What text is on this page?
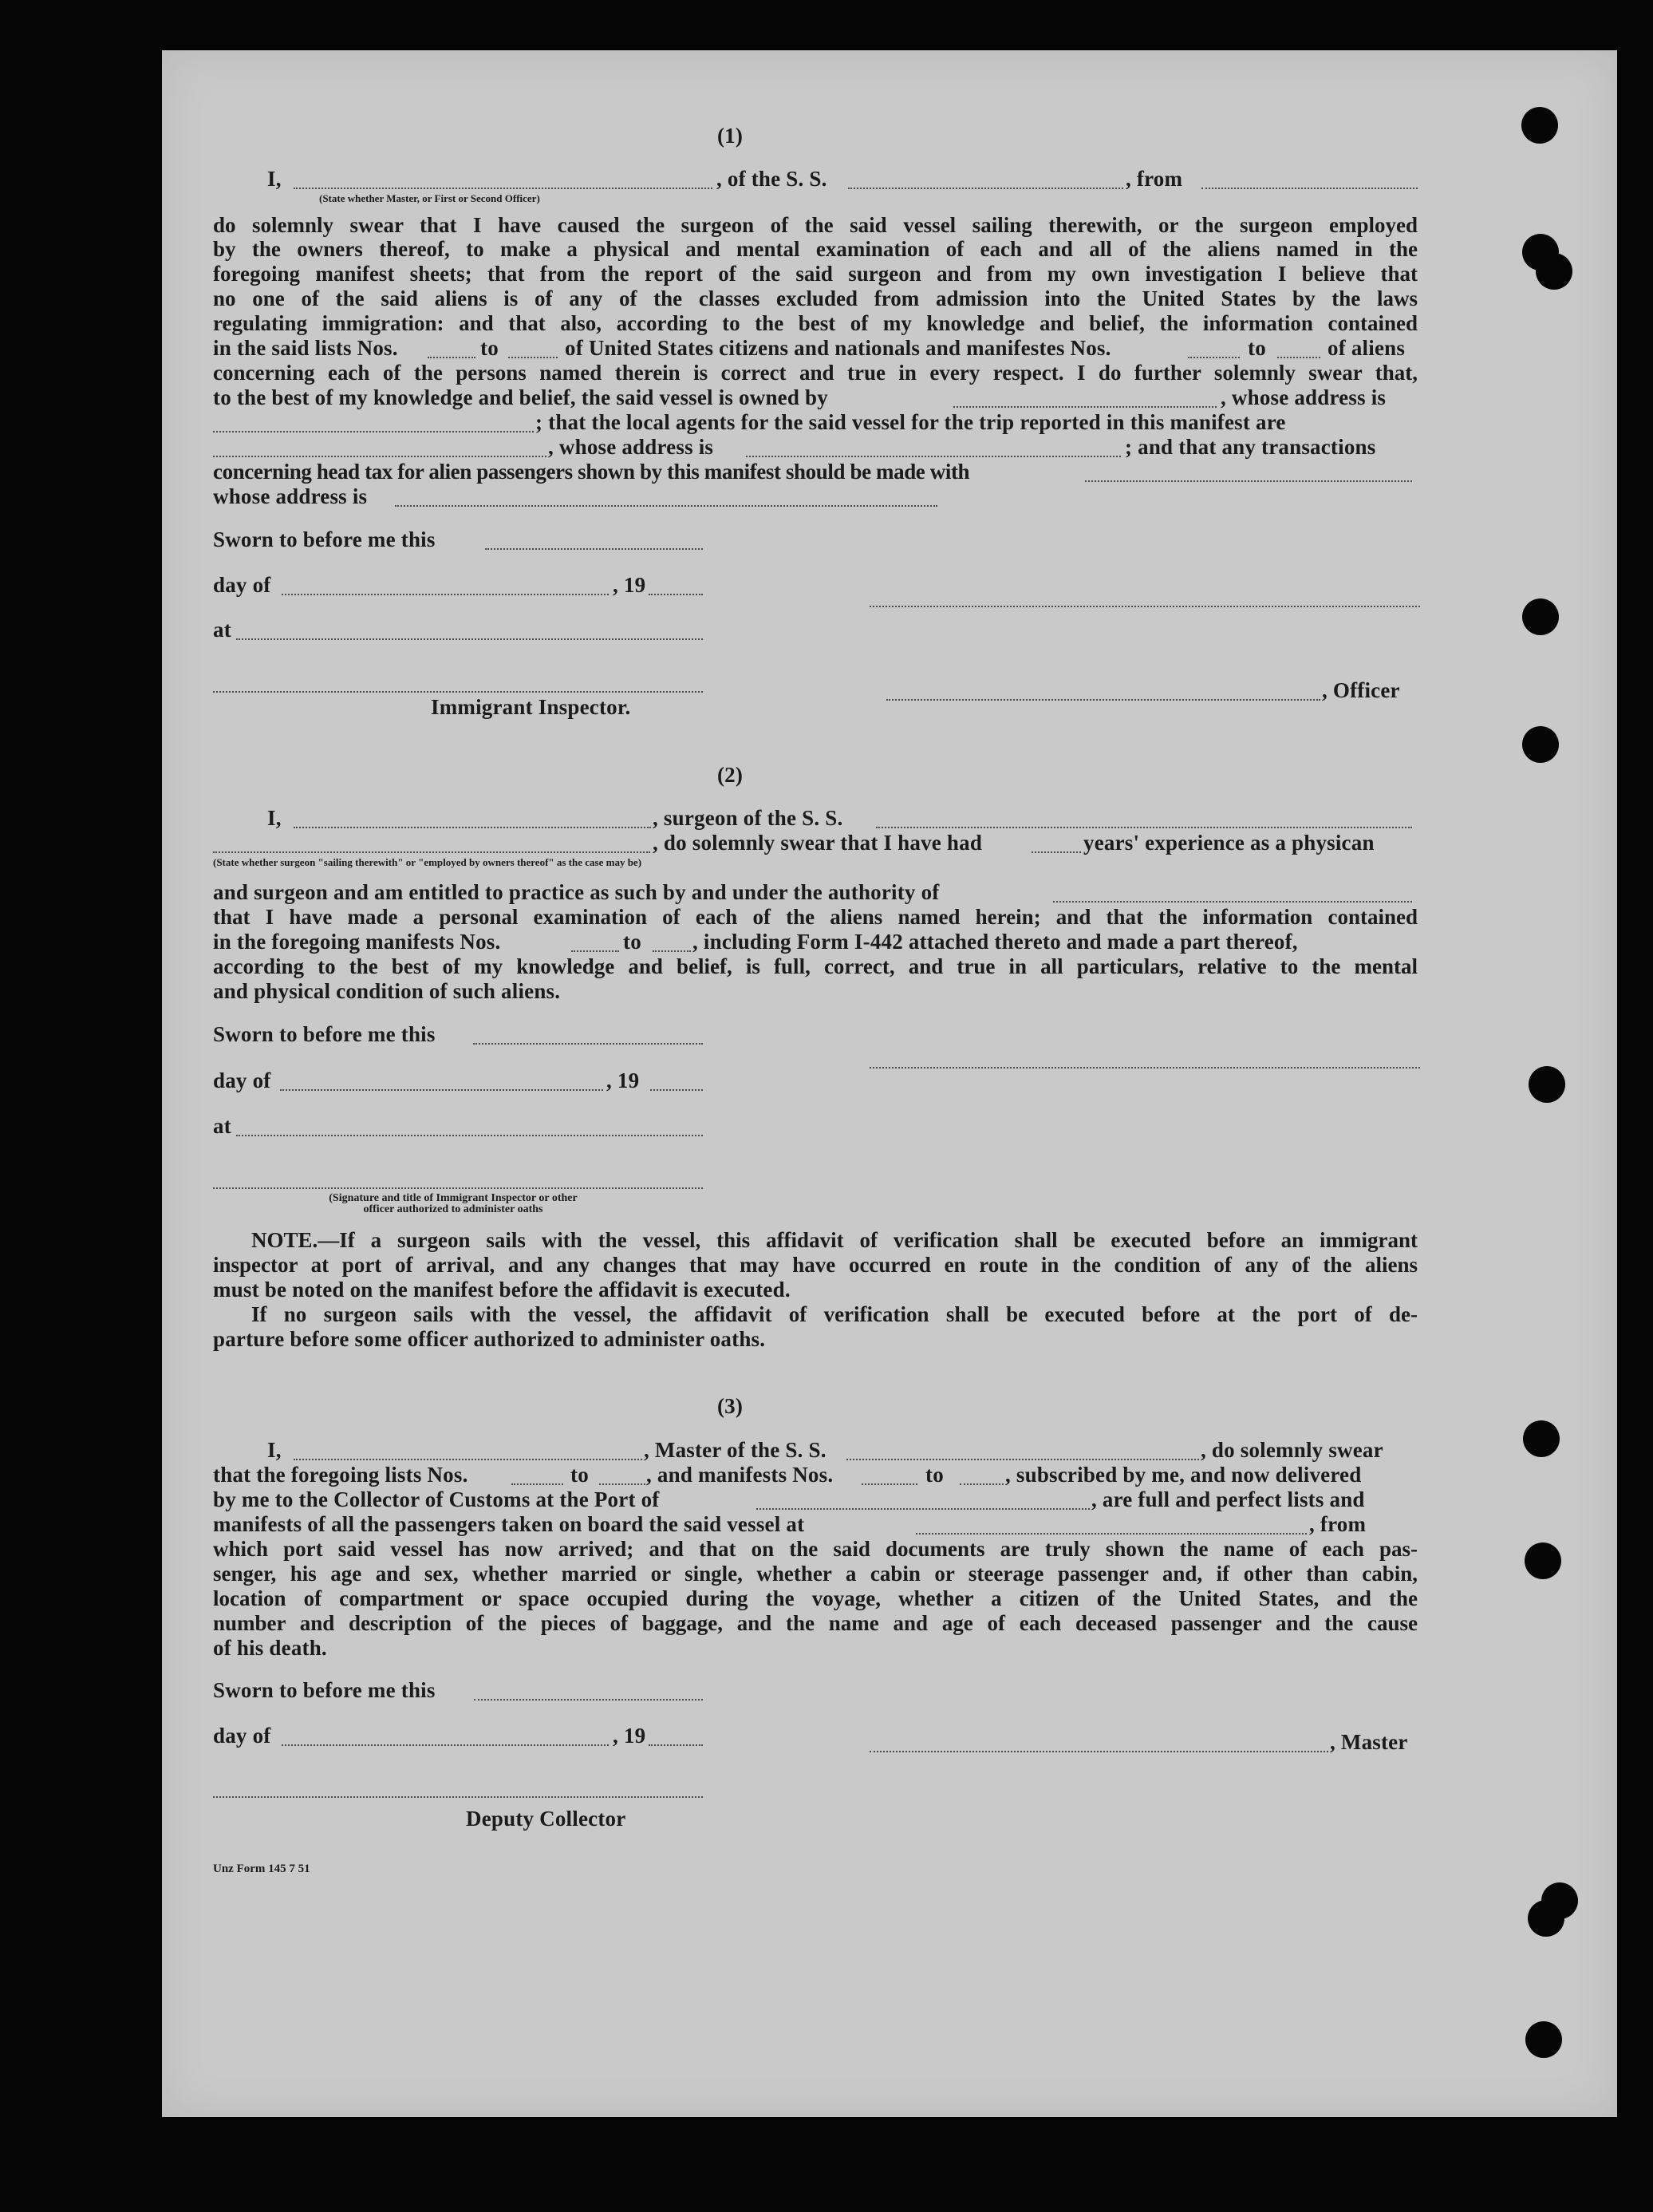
(1)
I,	, of the S. S.	, from
(State whether Master, or First or Second Officer)
do solemnly swear that I have caused the surgeon of the said vessel sailing therewith, or the surgeon employed
by the owners thereof, to make a physical and mental examination of each and all of the aliens named in the
foregoing manifest sheets; that from the report of the said surgeon and from my own investigation I believe that
no one of the said aliens is of any of the classes excluded from admission into the United States by the laws
regulating immigration: and that also, according to the best of my knowledge and belief, the information contained
in the said lists Nos.	to	of United States citizens and nationals and manifestes Nos.	to	of aliens
concerning each of the persons named therein is correct and true in every respect. I do further solemnly swear that,
to the best of my knowledge and belief, the said vessel is owned by	, whose address is
; that the local agents for the said vessel for the trip reported in this manifest are
, whose address is	; and that any transactions
concerning head tax for alien passengers shown by this manifest should be made with
whose address is
Sworn to before me this
day of	, 19
at
, Officer
Immigrant Inspector.
(2)
I,	, surgeon of the S. S.
, do solemnly swear that I have had	years' experience as a physican
(State whether surgeon "sailing therewith" or "employed by owners thereof" as the case may be)
and surgeon and am entitled to practice as such by and under the authority of
that I have made a personal examination of each of the aliens named herein; and that the information contained
in the foregoing manifests Nos.	to , including Form I-442 attached thereto and made a part thereof,
according to the best of my knowledge and belief, is full, correct, and true in all particulars, relative to the mental
and physical condition of such aliens.
Sworn to before me this
day of	, 19
at
(Signature and title of Immigrant Inspector or other
officer authorized to administer oaths
NOTE.—If a surgeon sails with the vessel, this affidavit of verification shall be executed before an immigrant
inspector at port of arrival, and any changes that may have occurred en route in the condition of any of the aliens
must be noted on the manifest before the affidavit is executed.
If no surgeon sails with the vessel, the affidavit of verification shall be executed before at the port of de-
parture before some officer authorized to administer oaths.
(3)
I,	, Master of the S. S.	, do solemnly swear
that the foregoing lists Nos.	to	, and manifests Nos.	to	, subscribed by me, and now delivered
by me to the Collector of Customs at the Port of	, are full and perfect lists and
manifests of all the passengers taken on board the said vessel at	, from
which port said vessel has now arrived; and that on the said documents are truly shown the name of each pas-
senger, his age and sex, whether married or single, whether a cabin or steerage passenger and, if other than cabin,
location of compartment or space occupied during the voyage, whether a citizen of the United States, and the
number and description of the pieces of baggage, and the name and age of each deceased passenger and the cause
of his death.
Sworn to before me this
day of	, 19	, Master
Deputy Collector
Unz Form 145 7 51
